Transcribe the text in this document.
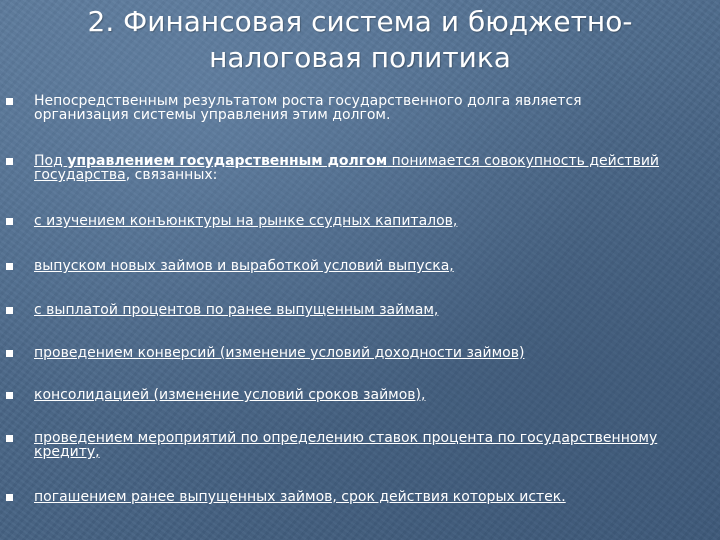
2. Финансовая система и бюджетно-
налоговая политика
Непосредственным результатом роста государственного долга является организация системы управления этим долгом.
Под управлением государственным долгом понимается совокупность действий государства, связанных:
с изучением конъюнктуры на рынке ссудных капиталов,
выпуском новых займов и выработкой условий выпуска,
с выплатой процентов по ранее выпущенным займам,
проведением конверсий (изменение условий доходности займов)
консолидацией (изменение условий сроков займов),
проведением мероприятий по определению ставок процента по государственному кредиту,
погашением ранее выпущенных займов, срок действия которых истек.
